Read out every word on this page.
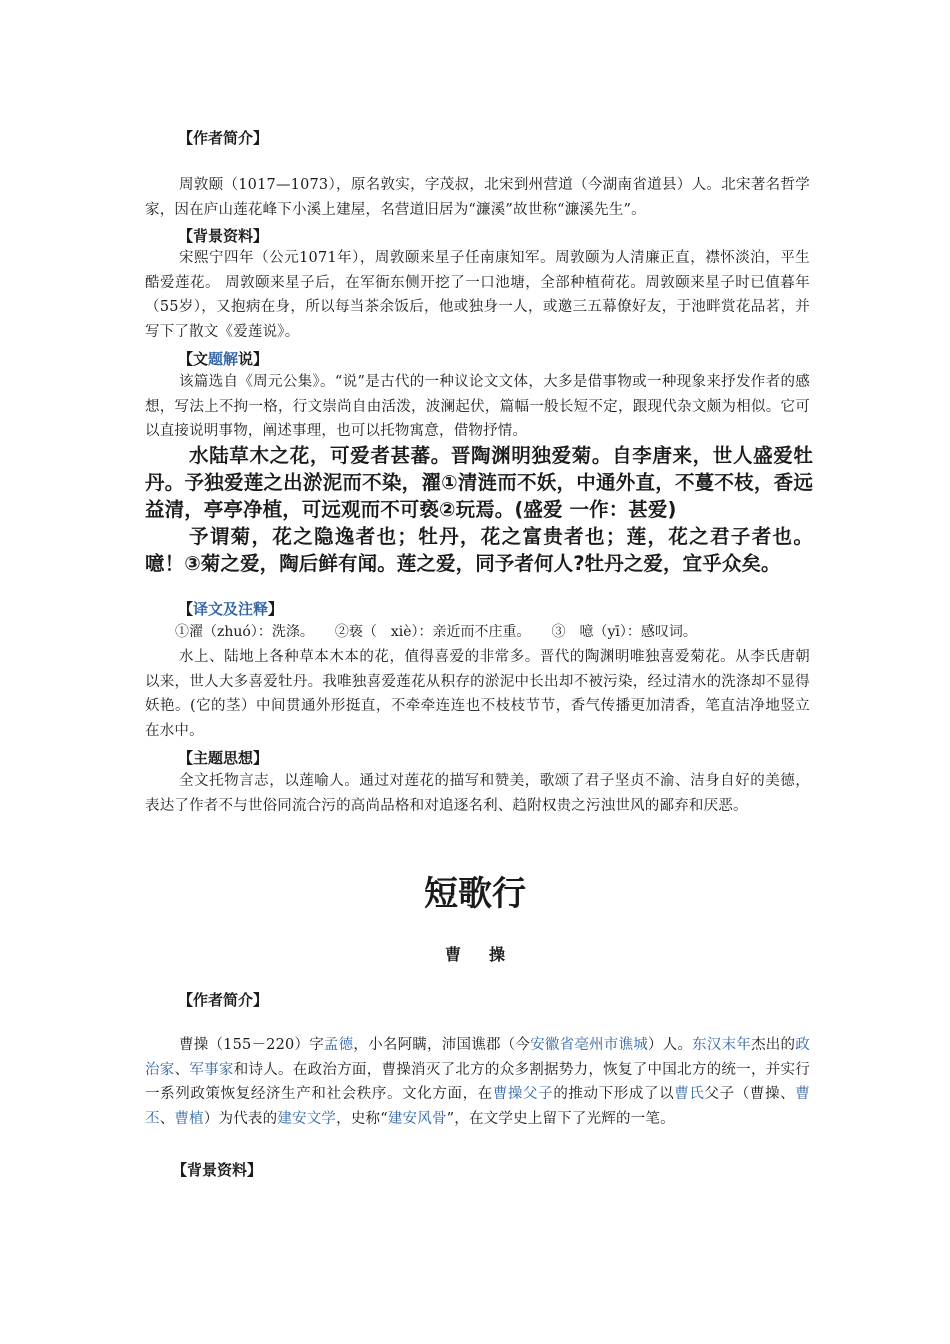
【作者简介】

周敦颐（1017—1073），原名敦实，字茂叔，北宋到州营道（今湖南省道县）人。北宋著名哲学家，因在庐山莲花峰下小溪上建屋，名营道旧居为“濂溪”故世称“濂溪先生”。

【背景资料】

宋熙宁四年（公元1071年），周敦颐来星子任南康知军。周敦颐为人清廉正直，襟怀淡泊，平生酷爱莲花。 周敦颐来星子后，在军衙东侧开挖了一口池塘，全部种植荷花。周敦颐来星子时已值暮年（55岁），又抱病在身，所以每当茶余饭后，他或独身一人，或邀三五幕僚好友，于池畔赏花品茗，并写下了散文《爱莲说》。

【文题解说】

该篇选自《周元公集》。“说”是古代的一种议论文文体，大多是借事物或一种现象来抒发作者的感想，写法上不拘一格，行文崇尚自由活泼，波澜起伏，篇幅一般长短不定，跟现代杂文颇为相似。它可以直接说明事物，阐述事理，也可以托物寓意，借物抒情。

水陆草木之花，可爱者甚蕃。晋陶渊明独爱菊。自李唐来，世人盛爱牡丹。予独爱莲之出淤泥而不染，濯①清涟而不妖，中通外直，不蔓不枝，香远益清，亭亭净植，可远观而不可亵②玩焉。(盛爱 一作：甚爱)

予谓菊，花之隐逸者也；牡丹，花之富贵者也；莲，花之君子者也。噫！③菊之爱，陶后鲜有闻。莲之爱，同予者何人?牡丹之爱，宜乎众矣。

【译文及注释】

①濯（zhuó）：洗涤。　　②亵（　xiè）：亲近而不庄重。　　③　噫（yī）：感叹词。

水上、陆地上各种草本木本的花，值得喜爱的非常多。晋代的陶渊明唯独喜爱菊花。从李氏唐朝以来，世人大多喜爱牡丹。我唯独喜爱莲花从积存的淤泥中长出却不被污染，经过清水的洗涤却不显得妖艳。(它的茎）中间贯通外形挺直，不牵牵连连也不枝枝节节，香气传播更加清香，笔直洁净地竖立在水中。

【主题思想】

全文托物言志，以莲喻人。通过对莲花的描写和赞美，歌颂了君子坚贞不渝、洁身自好的美德，表达了作者不与世俗同流合污的高尚品格和对追逐名利、趋附权贵之污浊世风的鄙弃和厌恶。

短歌行
曹操
【作者简介】

曹操（155－220）字孟德，小名阿瞒，沛国谯郡（今安徽省亳州市谯城）人。东汉末年杰出的政治家、军事家和诗人。在政治方面，曹操消灭了北方的众多割据势力，恢复了中国北方的统一，并实行一系列政策恢复经济生产和社会秩序。文化方面，在曹操父子的推动下形成了以曹氏父子（曹操、曹丕、曹植）为代表的建安文学，史称“建安风骨”，在文学史上留下了光辉的一笔。

【背景资料】
